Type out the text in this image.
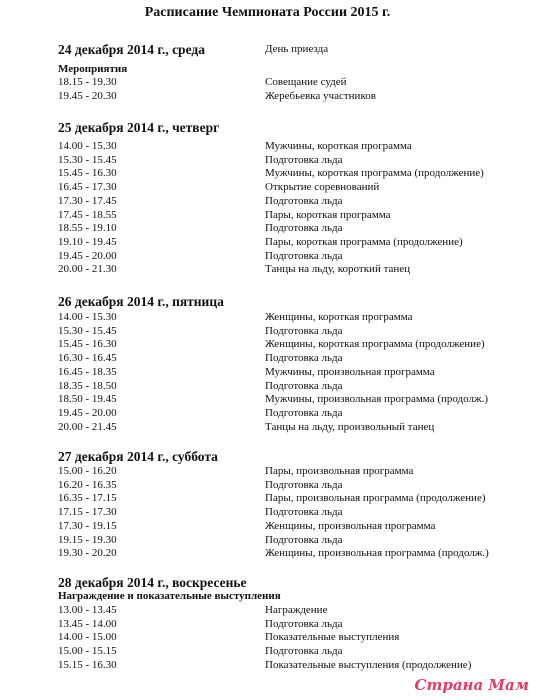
Расписание Чемпионата России 2015 г.
24 декабря 2014 г., среда	День приезда
Мероприятия
18.15 - 19.30	Совещание судей
19.45 - 20.30	Жеребьевка участников
25 декабря 2014 г., четверг
14.00 - 15.30	Мужчины, короткая программа
15.30 - 15.45	Подготовка льда
15.45 - 16.30	Мужчины, короткая программа (продолжение)
16.45 - 17.30	Открытие соревнований
17.30 - 17.45	Подготовка льда
17.45 - 18.55	Пары, короткая программа
18.55 - 19.10	Подготовка льда
19.10 - 19.45	Пары, короткая программа (продолжение)
19.45 - 20.00	Подготовка льда
20.00 - 21.30	Танцы на льду, короткий танец
26 декабря 2014 г., пятница
14.00 - 15.30	Женщины, короткая программа
15.30 - 15.45	Подготовка льда
15.45 - 16.30	Женщины, короткая программа (продолжение)
16.30 - 16.45	Подготовка льда
16.45 - 18.35	Мужчины, произвольная программа
18.35 - 18.50	Подготовка льда
18.50 - 19.45	Мужчины, произвольная программа (продолж.)
19.45 - 20.00	Подготовка льда
20.00 - 21.45	Танцы на льду, произвольный танец
27 декабря 2014 г., суббота
15.00 - 16.20	Пары, произвольная программа
16.20 - 16.35	Подготовка льда
16.35 - 17.15	Пары, произвольная программа (продолжение)
17.15 - 17.30	Подготовка льда
17.30 - 19.15	Женщины, произвольная программа
19.15 - 19.30	Подготовка льда
19.30 - 20.20	Женщины, произвольная программа (продолж.)
28 декабря 2014 г., воскресенье
Награждение и показательные выступления
13.00 - 13.45	Награждение
13.45 - 14.00	Подготовка льда
14.00 - 15.00	Показательные выступления
15.00 - 15.15	Подготовка льда
15.15 - 16.30	Показательные выступления (продолжение)
Страна Мам
